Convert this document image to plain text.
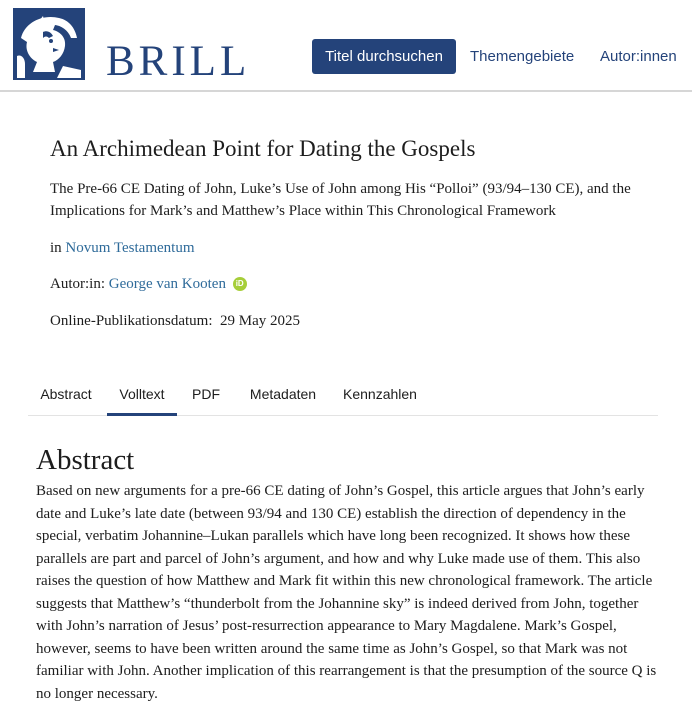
BRILL	Titel durchsuchen	Themengebiete Autor:innen
An Archimedean Point for Dating the Gospels
The Pre-66 CE Dating of John, Luke’s Use of John among His “Polloi” (93/94–130 CE), and the Implications for Mark’s and Matthew’s Place within This Chronological Framework
in Novum Testamentum
Autor:in: George van Kooten iD
Online-Publikationsdatum: 29 May 2025
Abstract	Volltext	PDF	Metadaten	Kennzahlen
Abstract

Based on new arguments for a pre-66 CE dating of John’s Gospel, this article argues that John’s early date and Luke’s late date (between 93/94 and 130 CE) establish the direction of dependency in the special, verbatim Johannine–Lukan parallels which have long been recognized. It shows how these parallels are part and parcel of John’s argument, and how and why Luke made use of them. This also raises the question of how Matthew and Mark fit within this new chronological framework. The article suggests that Matthew’s “thunderbolt from the Johannine sky” is indeed derived from John, together with John’s narration of Jesus’ post-resurrection appearance to Mary Magdalene. Mark’s Gospel, however, seems to have been written around the same time as John’s Gospel, so that Mark was not familiar with John. Another implication of this rearrangement is that the presumption of the source Q is no longer necessary.
